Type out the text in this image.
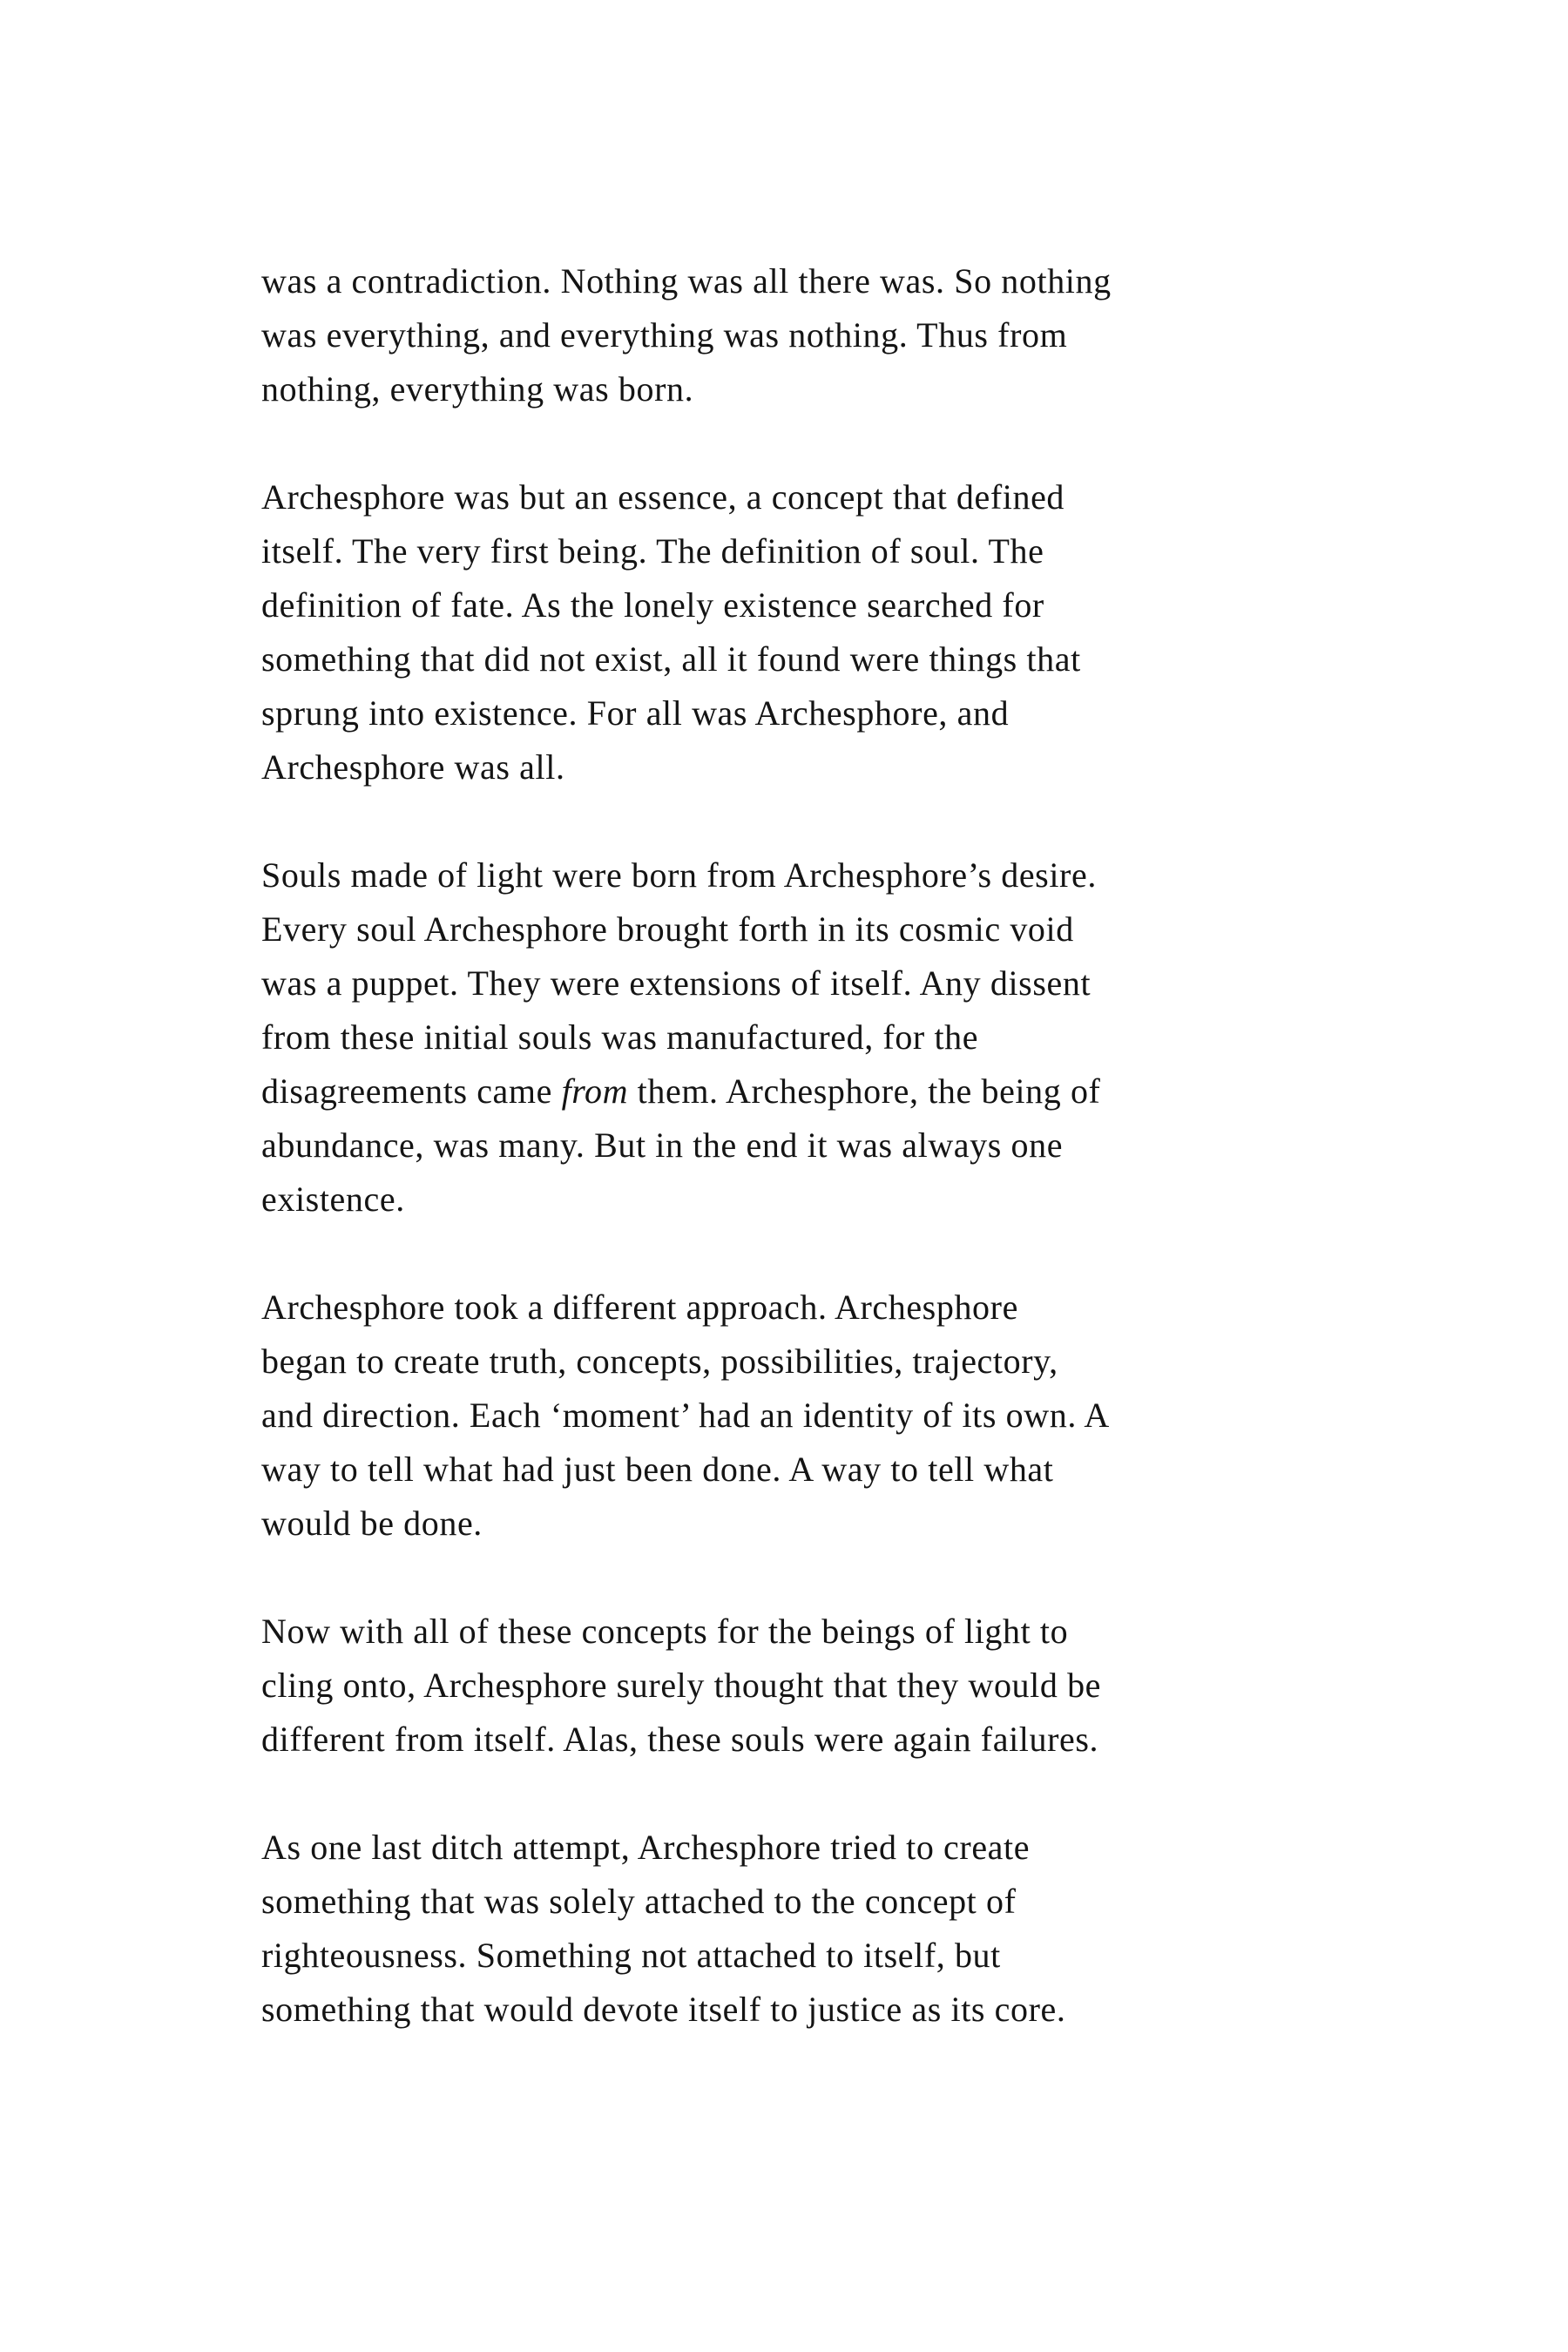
was a contradiction. Nothing was all there was. So nothing
was everything, and everything was nothing. Thus from
nothing, everything was born.

Archesphore was but an essence, a concept that defined
itself. The very first being. The definition of soul. The
definition of fate. As the lonely existence searched for
something that did not exist, all it found were things that
sprung into existence. For all was Archesphore, and
Archesphore was all.

Souls made of light were born from Archesphore’s desire.
Every soul Archesphore brought forth in its cosmic void
was a puppet. They were extensions of itself. Any dissent
from these initial souls was manufactured, for the
disagreements came from them. Archesphore, the being of
abundance, was many. But in the end it was always one
existence.

Archesphore took a different approach. Archesphore
began to create truth, concepts, possibilities, trajectory,
and direction. Each ‘moment’ had an identity of its own. A
way to tell what had just been done. A way to tell what
would be done.

Now with all of these concepts for the beings of light to
cling onto, Archesphore surely thought that they would be
different from itself. Alas, these souls were again failures.

As one last ditch attempt, Archesphore tried to create
something that was solely attached to the concept of
righteousness. Something not attached to itself, but
something that would devote itself to justice as its core.
